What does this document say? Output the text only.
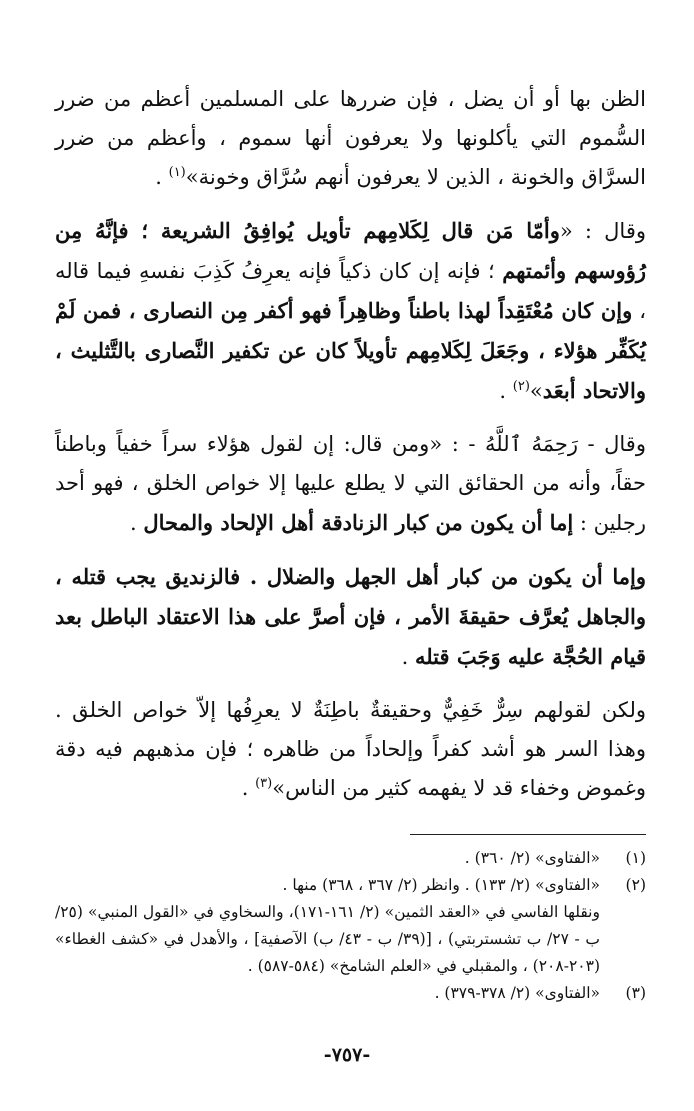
الظن بها أو أن يضل ، فإن ضررها على المسلمين أعظم من ضرر السُّموم التي يأكلونها ولا يعرفون أنها سموم ، وأعظم من ضرر السرَّاق والخونة ، الذين لا يعرفون أنهم سُرَّاق وخونة»$^{(١)}$ .

وقال : «وأمّا مَن قال لِكَلامِهم تأويل يُوافِقُ الشريعة ؛ فإنَّهُ مِن رُؤوسهم وأئمتهم ؛ فإنه إن كان ذكياً فإنه يعرِفُ كَذِبَ نفسهِ فيما قاله ، وإن كان مُعْتَقِداً لهذا باطناً وظاهِراً فهو أكفر مِن النصارى ، فمن لَمْ يُكَفِّر هؤلاء ، وجَعَلَ لِكَلامِهم تأويلاً كان عن تكفير النَّصارى بالتَّثليث ، والاتحاد أبعَد»$^{(٢)}$ .

وقال - رَحِمَهُ ٱللَّهُ - : «ومن قال: إن لقول هؤلاء سراً خفياً وباطناً حقاً، وأنه من الحقائق التي لا يطلع عليها إلا خواص الخلق ، فهو أحد رجلين : إما أن يكون من كبار الزنادقة أهل الإلحاد والمحال .

وإما أن يكون من كبار أهل الجهل والضلال . فالزنديق يجب قتله ، والجاهل يُعرَّف حقيقةَ الأمر ، فإن أصرَّ على هذا الاعتقاد الباطل بعد قيام الحُجَّة عليه وَجَبَ قتله .

ولكن لقولهم سِرٌّ خَفِيٌّ وحقيقةٌ باطِنَةٌ لا يعرِفُها إلاّ خواص الخلق . وهذا السر هو أشد كفراً وإلحاداً من ظاهره ؛ فإن مذهبهم فيه دقة وغموض وخفاء قد لا يفهمه كثير من الناس»$^{(٣)}$ .

(١)
«الفتاوى» (٢/ ٣٦٠) .
(٢)
«الفتاوى» (٢/ ١٣٣) . وانظر (٢/ ٣٦٧ ، ٣٦٨) منها .
ونقلها الفاسي في «العقد الثمين» (٢/ ١٦١-١٧١)، والسخاوي في «القول المنبي» (٢٥/ ب - ٢٧/ ب تشستربتي) ، [(٣٩/ ب - ٤٣/ ب) الآصفية] ، والأهدل في «كشف الغطاء» (٢٠٣-٢٠٨) ، والمقبلي في «العلم الشامخ» (٥٨٤-٥٨٧) .
(٣)
«الفتاوى» (٢/ ٣٧٨-٣٧٩) .
-٧٥٧-
